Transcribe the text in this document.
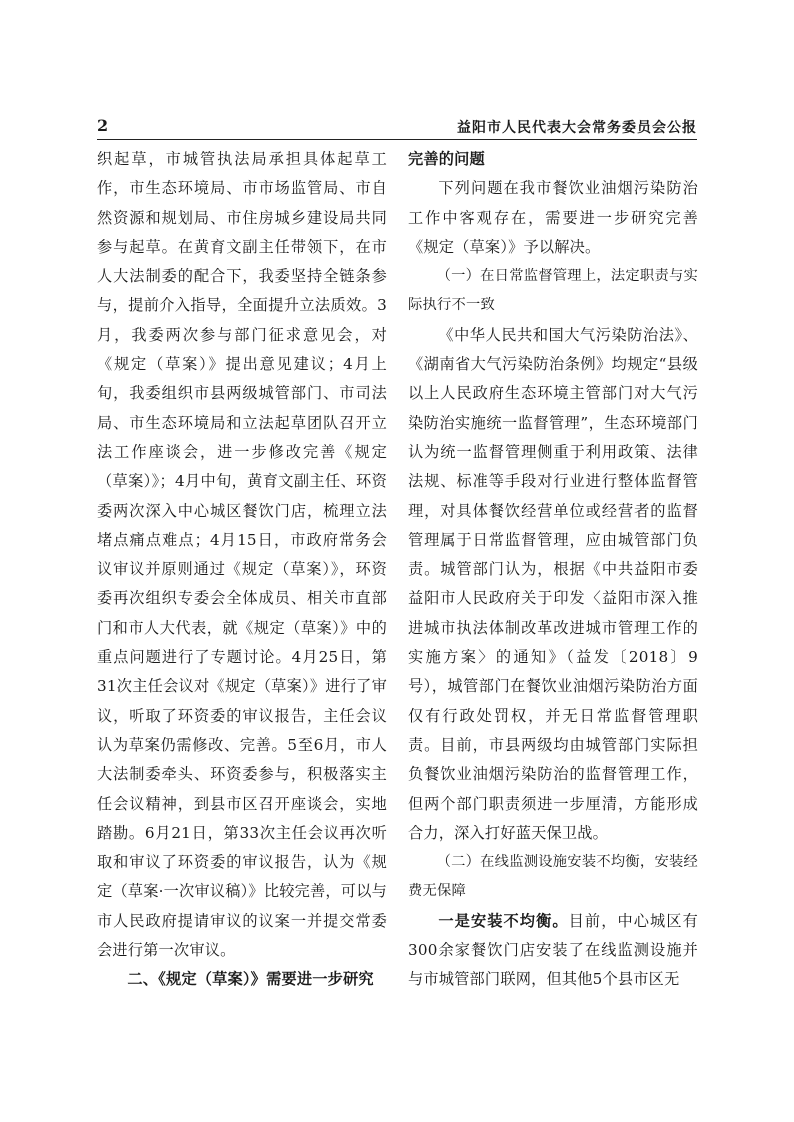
2	益阳市人民代表大会常务委员会公报

织起草，市城管执法局承担具体起草工作，市生态环境局、市市场监管局、市自然资源和规划局、市住房城乡建设局共同参与起草。在黄育文副主任带领下，在市人大法制委的配合下，我委坚持全链条参与，提前介入指导，全面提升立法质效。3月，我委两次参与部门征求意见会，对《规定（草案）》提出意见建议；4月上旬，我委组织市县两级城管部门、市司法局、市生态环境局和立法起草团队召开立法工作座谈会，进一步修改完善《规定（草案）》；4月中旬，黄育文副主任、环资委两次深入中心城区餐饮门店，梳理立法堵点痛点难点；4月15日，市政府常务会议审议并原则通过《规定（草案）》，环资委再次组织专委会全体成员、相关市直部门和市人大代表，就《规定（草案）》中的重点问题进行了专题讨论。4月25日，第31次主任会议对《规定（草案）》进行了审议，听取了环资委的审议报告，主任会议认为草案仍需修改、完善。5至6月，市人大法制委牵头、环资委参与，积极落实主任会议精神，到县市区召开座谈会，实地踏勘。6月21日，第33次主任会议再次听取和审议了环资委的审议报告，认为《规定（草案·一次审议稿）》比较完善，可以与市人民政府提请审议的议案一并提交常委会进行第一次审议。

二、《规定（草案）》需要进一步研究

完善的问题

下列问题在我市餐饮业油烟污染防治工作中客观存在，需要进一步研究完善《规定（草案）》予以解决。

（一）在日常监督管理上，法定职责与实际执行不一致

《中华人民共和国大气污染防治法》、《湖南省大气污染防治条例》均规定“县级以上人民政府生态环境主管部门对大气污染防治实施统一监督管理”，生态环境部门认为统一监督管理侧重于利用政策、法律法规、标准等手段对行业进行整体监督管理，对具体餐饮经营单位或经营者的监督管理属于日常监督管理，应由城管部门负责。城管部门认为，根据《中共益阳市委益阳市人民政府关于印发〈益阳市深入推进城市执法体制改革改进城市管理工作的实施方案〉的通知》（益发〔2018〕9号），城管部门在餐饮业油烟污染防治方面仅有行政处罚权，并无日常监督管理职责。目前，市县两级均由城管部门实际担负餐饮业油烟污染防治的监督管理工作，但两个部门职责须进一步厘清，方能形成合力，深入打好蓝天保卫战。

（二）在线监测设施安装不均衡，安装经费无保障

一是安装不均衡。目前，中心城区有300余家餐饮门店安装了在线监测设施并与市城管部门联网，但其他5个县市区无
